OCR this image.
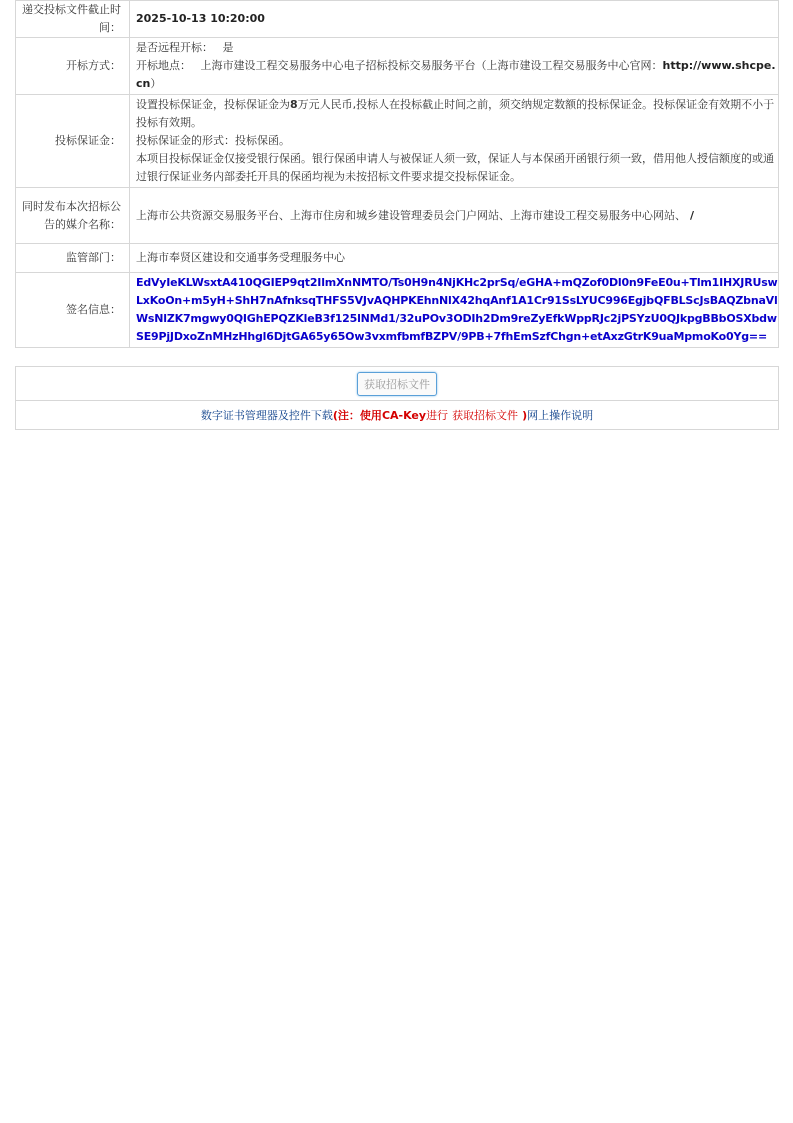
递交投标文件截止时间：	2025-10-13 10:20:00
开标方式：	是否远程开标： 是
开标地点： 上海市建设工程交易服务中心电子招标投标交易服务平台（上海市建设工程交易服务中心官网：http://www.shcpe.cn）

投标保证金：	设置投标保证金，投标保证金为8万元人民币,投标人在投标截止时间之前，须交纳规定数额的投标保证金。投标保证金有效期不小于投标有效期。
投标保证金的形式：投标保函。
本项目投标保证金仅接受银行保函。银行保函申请人与被保证人须一致，保证人与本保函开函银行须一致，借用他人授信额度的或通过银行保证业务内部委托开具的保函均视为未按招标文件要求提交投标保证金。

同时发布本次招标公告的媒介名称：	上海市公共资源交易服务平台、上海市住房和城乡建设管理委员会门户网站、上海市建设工程交易服务中心网站、 /
监管部门：	上海市奉贤区建设和交通事务受理服务中心
签名信息：	EdVyIeKLWsxtA410QGIEP9qt2IlmXnNMTO/Ts0H9n4NjKHc2prSq/eGHA+mQZof0Dl0n9FeE0u+Tlm1IHXJRUswLxKoOn+m5yH+ShH7nAfnksqTHFS5VJvAQHPKEhnNlX42hqAnf1A1Cr91SsLYUC996EgjbQFBLScJsBAQZbnaVlWsNlZK7mgwy0QIGhEPQZKleB3f125lNMd1/32uPOv3ODIh2Dm9reZyEfkWppRJc2jPSYzU0QJkpgBBbOSXbdwSE9PjJDxoZnMHzHhgl6DjtGA65y65Ow3vxmfbmfBZPV/9PB+7fhEmSzfChgn+etAxzGtrK9uaMpmoKo0Yg==
获取招标文件
数字证书管理器及控件下载(注：使用CA-Key进行 获取招标文件 )网上操作说明
